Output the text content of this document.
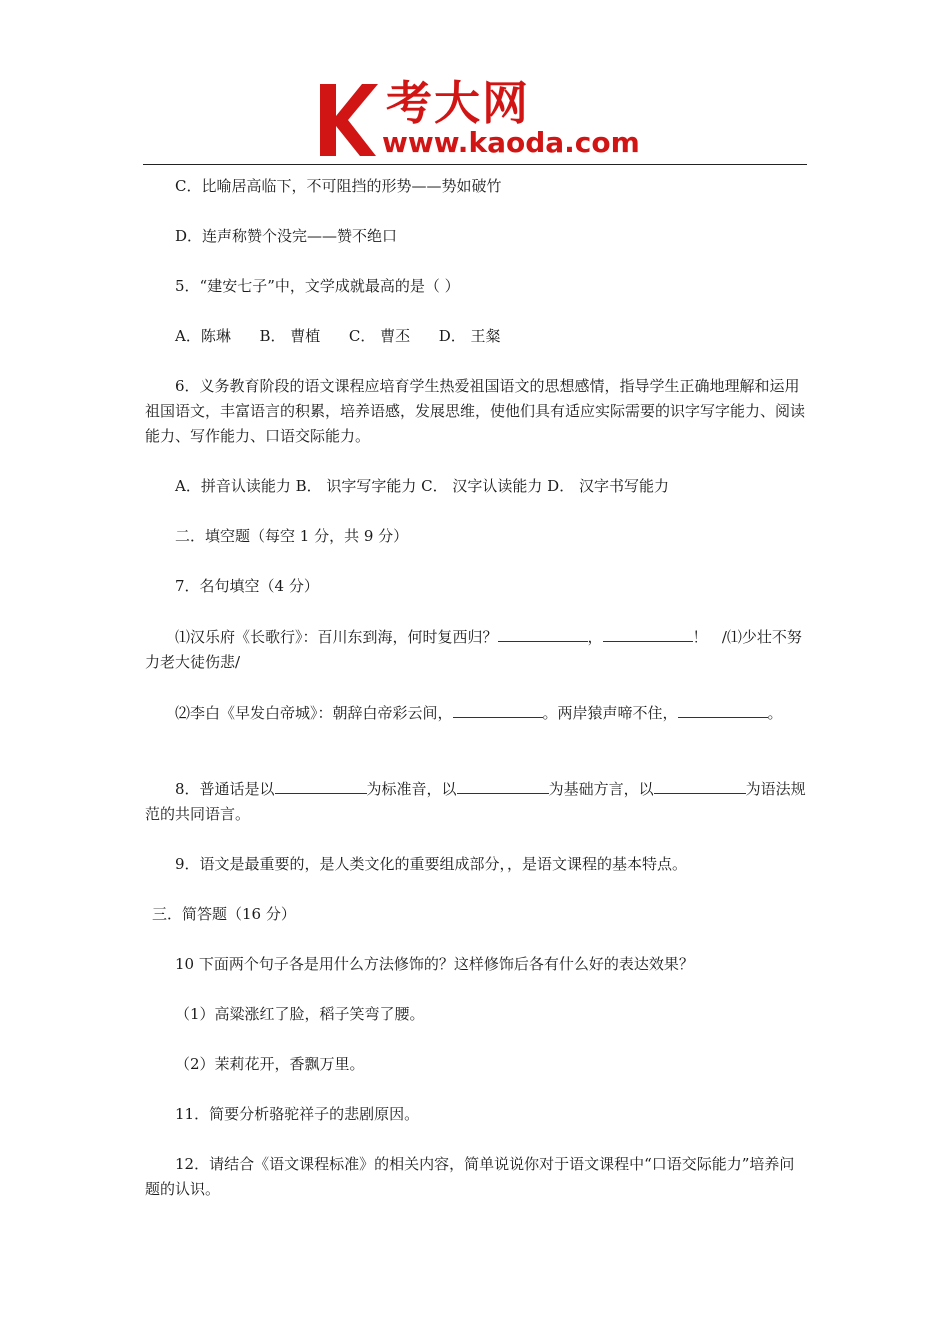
考大网
www.kaoda.com

C．比喻居高临下，不可阻挡的形势——势如破竹

D．连声称赞个没完——赞不绝口

5．“建安七子”中，文学成就最高的是（ ）

A．陈琳      B． 曹植      C． 曹丕      D． 王粲

6．义务教育阶段的语文课程应培育学生热爱祖国语文的思想感情，指导学生正确地理解和运用祖国语文，丰富语言的积累，培养语感，发展思维，使他们具有适应实际需要的识字写字能力、阅读能力、写作能力、口语交际能力。

A．拼音认读能力 B． 识字写字能力 C． 汉字认读能力 D． 汉字书写能力

二．填空题（每空 1 分，共 9 分）

7．名句填空（4 分）

⑴汉乐府《长歌行》：百川东到海，何时复西归？	，	！   /⑴少壮不努力老大徒伤悲/

⑵李白《早发白帝城》：朝辞白帝彩云间，	。两岸猿声啼不住，	。

8．普通话是以	为标准音，以	为基础方言，以	为语法规范的共同语言。

9．语文是最重要的，是人类文化的重要组成部分，，是语文课程的基本特点。

三．简答题（16 分）

10 下面两个句子各是用什么方法修饰的？这样修饰后各有什么好的表达效果？

（1）高粱涨红了脸，稻子笑弯了腰。

（2）茉莉花开，香飘万里。

11．简要分析骆驼祥子的悲剧原因。

12．请结合《语文课程标准》的相关内容，简单说说你对于语文课程中“口语交际能力”培养问题的认识。
